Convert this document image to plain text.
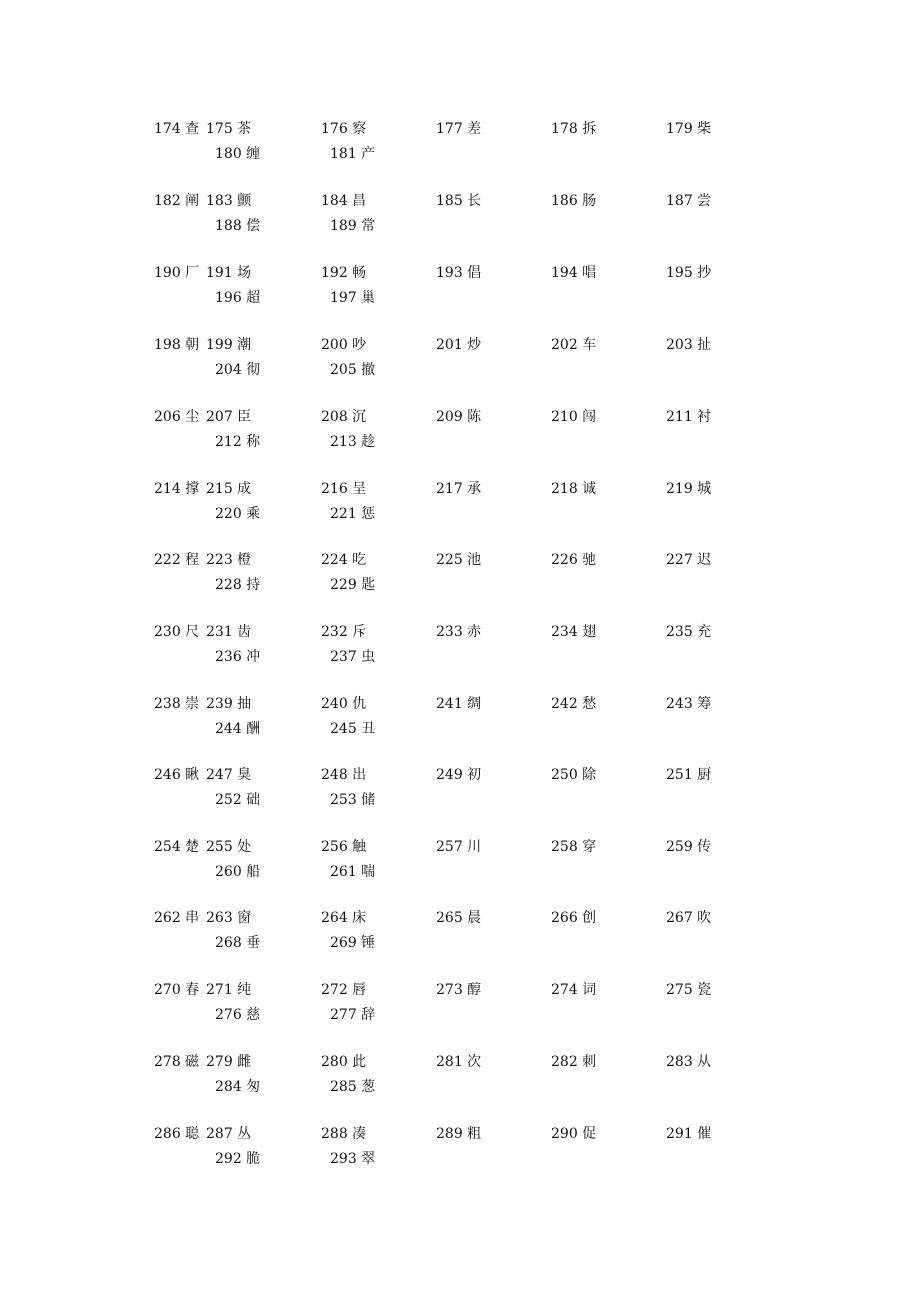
174 查 175 茶	176 察	177 差	178 拆	179 柴
180 缠	181 产
182 阐 183 颤	184 昌	185 长	186 肠	187 尝
188 偿	189 常
190 厂 191 场	192 畅	193 倡	194 唱	195 抄
196 超	197 巢
198 朝 199 潮	200 吵	201 炒	202 车	203 扯
204 彻	205 撤
206 尘 207 臣	208 沉	209 陈	210 闯	211 衬
212 称	213 趁
214 撑 215 成	216 呈	217 承	218 诚	219 城
220 乘	221 惩
222 程 223 橙	224 吃	225 池	226 驰	227 迟
228 持	229 匙
230 尺 231 齿	232 斥	233 赤	234 翅	235 充
236 冲	237 虫
238 崇 239 抽	240 仇	241 绸	242 愁	243 筹
244 酬	245 丑
246 瞅 247 臭	248 出	249 初	250 除	251 厨
252 础	253 储
254 楚 255 处	256 触	257 川	258 穿	259 传
260 船	261 喘
262 串 263 窗	264 床	265 晨	266 创	267 吹
268 垂	269 锤
270 春 271 纯	272 唇	273 醇	274 词	275 瓷
276 慈	277 辞
278 磁 279 雌	280 此	281 次	282 刺	283 从
284 匆	285 葱
286 聪 287 丛	288 凑	289 粗	290 促	291 催
292 脆	293 翠
